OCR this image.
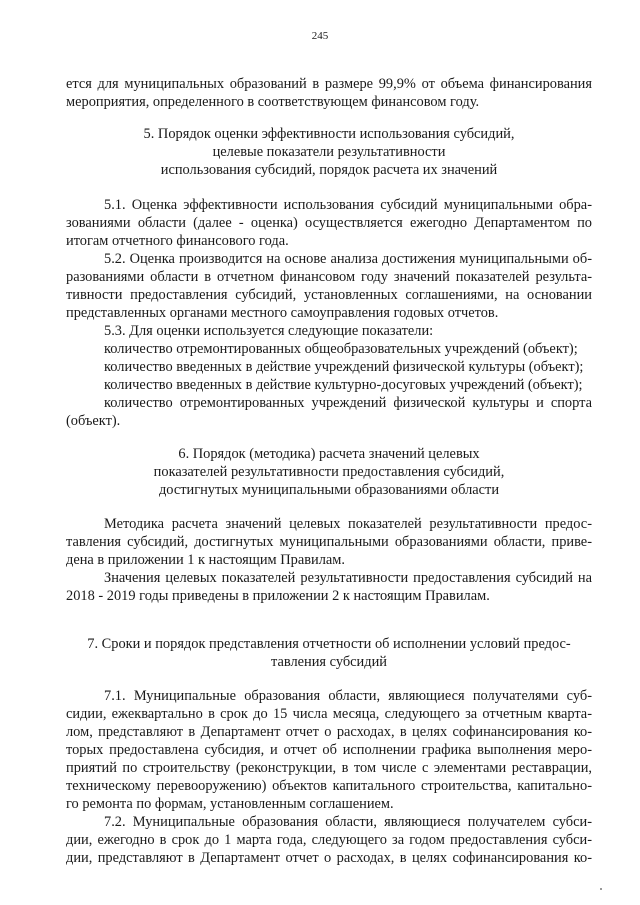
245
ется для муниципальных образований в размере 99,9% от объема финансирования
мероприятия, определенного в соответствующем финансовом году.
5. Порядок оценки эффективности использования субсидий,
целевые показатели результативности
использования субсидий, порядок расчета их значений
5.1. Оценка эффективности использования субсидий муниципальными обра-
зованиями области (далее - оценка) осуществляется ежегодно Департаментом по
итогам отчетного финансового года.
5.2. Оценка производится на основе анализа достижения муниципальными об-
разованиями области в отчетном финансовом году значений показателей результа-
тивности предоставления субсидий, установленных соглашениями, на основании
представленных органами местного самоуправления годовых отчетов.
5.3. Для оценки используется следующие показатели:
количество отремонтированных общеобразовательных учреждений (объект);
количество введенных в действие учреждений физической культуры (объект);
количество введенных в действие культурно-досуговых учреждений (объект);
количество отремонтированных учреждений физической культуры и спорта
(объект).
6. Порядок (методика) расчета значений целевых
показателей результативности предоставления субсидий,
достигнутых муниципальными образованиями области
Методика расчета значений целевых показателей результативности предос-
тавления субсидий, достигнутых муниципальными образованиями области, приве-
дена в приложении 1 к настоящим Правилам.
Значения целевых показателей результативности предоставления субсидий на
2018 - 2019 годы приведены в приложении 2 к настоящим Правилам.
7. Сроки и порядок представления отчетности об исполнении условий предос-
тавления субсидий
7.1. Муниципальные образования области, являющиеся получателями суб-
сидии, ежеквартально в срок до 15 числа месяца, следующего за отчетным кварта-
лом, представляют в Департамент отчет о расходах, в целях софинансирования ко-
торых предоставлена субсидия, и отчет об исполнении графика выполнения меро-
приятий по строительству (реконструкции, в том числе с элементами реставрации,
техническому перевооружению) объектов капитального строительства, капитально-
го ремонта по формам, установленным соглашением.
7.2. Муниципальные образования области, являющиеся получателем субси-
дии, ежегодно в срок до 1 марта года, следующего за годом предоставления субси-
дии, представляют в Департамент отчет о расходах, в целях софинансирования ко-
